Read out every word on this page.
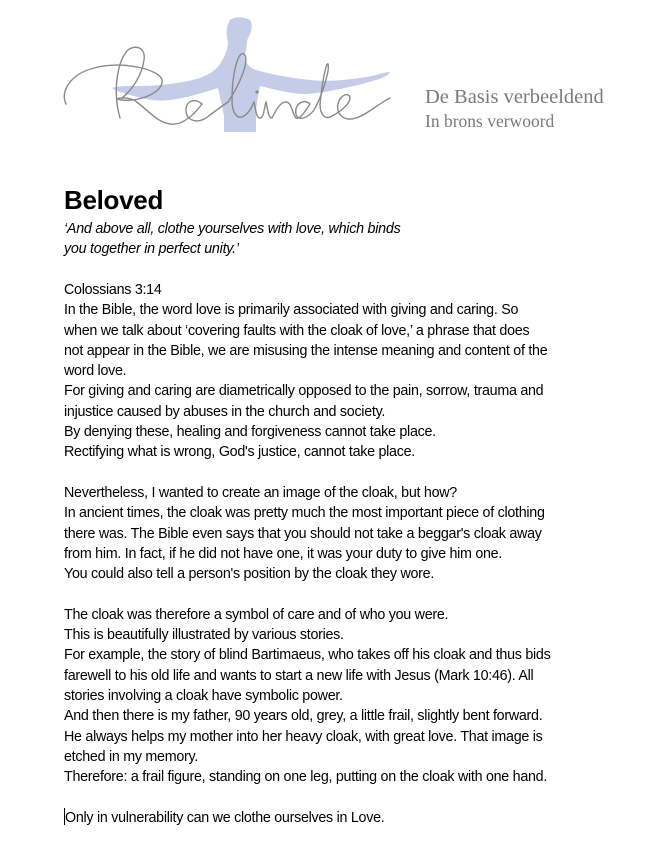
De Basis verbeeldend
In brons verwoord
Beloved
‘And above all, clothe yourselves with love, which binds
you together in perfect unity.’
Colossians 3:14
In the Bible, the word love is primarily associated with giving and caring. So
when we talk about ‘covering faults with the cloak of love,’ a phrase that does
not appear in the Bible, we are misusing the intense meaning and content of the
word love.
For giving and caring are diametrically opposed to the pain, sorrow, trauma and
injustice caused by abuses in the church and society.
By denying these, healing and forgiveness cannot take place.
Rectifying what is wrong, God's justice, cannot take place.
Nevertheless, I wanted to create an image of the cloak, but how?
In ancient times, the cloak was pretty much the most important piece of clothing
there was. The Bible even says that you should not take a beggar's cloak away
from him. In fact, if he did not have one, it was your duty to give him one.
You could also tell a person's position by the cloak they wore.
The cloak was therefore a symbol of care and of who you were.
This is beautifully illustrated by various stories.
For example, the story of blind Bartimaeus, who takes off his cloak and thus bids
farewell to his old life and wants to start a new life with Jesus (Mark 10:46). All
stories involving a cloak have symbolic power.
And then there is my father, 90 years old, grey, a little frail, slightly bent forward.
He always helps my mother into her heavy cloak, with great love. That image is
etched in my memory.
Therefore: a frail figure, standing on one leg, putting on the cloak with one hand.
Only in vulnerability can we clothe ourselves in Love.
